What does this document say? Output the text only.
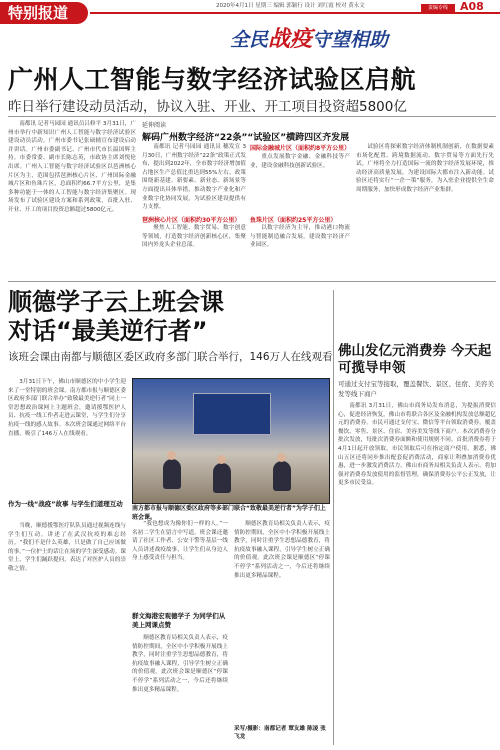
特别报道	2020年4月1日 星期三 编辑 郭颖行 设计 刘红霞 校对 黄永文	责编专线	A08
全民战疫守望相助
广州人工智能与数字经济试验区启航
昨日举行建设动员活动，协议入驻、开业、开工项目投资超5800亿

南都讯 记者马园园 通讯员吕修平 3月31日，广州市举行中新知识广州人工智能与数字经济试验区建设动员活动。广州市委书记张硕辅宣布建设启动并讲话。广州市委副书记、广州市代市长温国辉主持。市委常委、副市长陈志英，市政协主席刘悦伦出席。广州人工智能与数字经济试验区以琶洲核心片区为主，范围包括琶洲核心片区、广州国际金融城片区和鱼珠片区，总面积约66.7平方公里，是集多种功能于一体的人工智能与数字经济集聚区。现场发布了试验区建设方案和系列政策，首批入驻、开业、开工的项目投资总额超过5800亿元。

延伸阅读
解码广州数字经济“22条”“试验区”横跨四区齐发展

南都讯 记者马园园 通讯员 穗发宣 3月30日，广州数字经济“22条”政策正式发布，提出到2022年，全市数字经济增加值占地区生产总值比重达到55%左右。政策围绕新基建、新要素、新业态、新场景等方面提出具体举措，推动数字产业化和产业数字化协同发展，为试验区建设提供有力支撑。

琶洲核心片区（面积约30平方公里）

聚焦人工智能、数字贸易、数字创意等领域，打造数字经济创新核心区，集聚国内外龙头企业总部。

国际金融城片区（面积约8平方公里）

重点发展数字金融、金融科技等产业，建设金融科技创新试验区。

鱼珠片区（面积约25平方公里）

以数字经济为主导，推动港口物流与智能制造融合发展，建设数字经济产业园区。

试验区将探索数字经济体制机制创新，在数据要素市场化配置、跨境数据流动、数字贸易等方面先行先试。广州将全力打造国际一流的数字经济发展环境，推动经济高质量发展，为建设国际大都市注入新动能。试验区还将实行“一企一策”服务，为入驻企业提供全生命周期服务，加快形成数字经济产业集群。

顺德学子云上班会课
对话“最美逆行者”
该班会课由南都与顺德区委区政府多部门联合举行，146万人在线观看

3月31日下午，佛山市顺德区的中小学生迎来了一堂特别的班会课。南方都市报与顺德区委区政府多部门联合举办“致敬最美逆行者”同上一堂思想政治课网上主题班会，邀请援鄂医护人员、抗疫一线工作者走进云课堂，与学生们分享抗疫一线的感人故事。本次班会课通过网络平台直播，吸引了146万人在线观看。

作为一线“战疫”故事 与学生们道理互动

当晚，顺德援鄂医疗队队员通过视频连线与学生们互动，讲述了在武汉抗疫的难忘经历。“我们不是什么英雄，只是做了自己应该做的事。”一位护士的话让在场的学生深受感动。课堂上，学生们踊跃提问，表达了对医护人员的崇敬之情。

南方都市报与顺德区委区政府等多部门联合“致敬最美逆行者”为学子们上班会课。

“我也想成为像你们一样的人。”一名初二学生在留言中写道。班会课还邀请了社区工作者、公安干警等基层一线人员讲述战疫故事，让学生们从身边人身上感受责任与担当。

群文海港宏观德学子 为同学们从美上网课点赞

顺德区教育局相关负责人表示，疫情防控期间，全区中小学积极开展线上教学，同时注重学生思想品德教育，将抗疫故事融入课程，引导学生树立正确的价值观。此次班会课是顺德区“停课不停学”系列活动之一，今后还将继续推出更多精品课程。

顺德区教育局相关负责人表示，疫情防控期间，全区中小学积极开展线上教学，同时注重学生思想品德教育，将抗疫故事融入课程，引导学生树立正确的价值观。此次班会课是顺德区“停课不停学”系列活动之一，今后还将继续推出更多精品课程。

采写/摄影：南都记者 覃友雄 陈凌 张飞龙
佛山发亿元消费券 今天起可揽导申领
可通过支付宝等接取，覆盖餐饮、景区、住宿、美容美发等线下商户

南都讯 3月31日，佛山市商务局发布消息，为提振消费信心，促进经济恢复，佛山市将联合各区及金融机构发放总额超亿元的消费券。市民可通过支付宝、微信等平台领取消费券，覆盖餐饮、零售、景区、住宿、美容美发等线下商户。本次消费券分批次发放，每批次消费券面额和使用规则不同。首批消费券将于4月1日起开放领取，市民领取后可在指定商户使用。据悉，佛山五区还将同步推出配套促消费活动，商家让利叠加消费券优惠，进一步激发消费活力。佛山市商务局相关负责人表示，将加强对消费券发放使用的监督管理，确保消费券公平公正发放，让更多市民受益。
